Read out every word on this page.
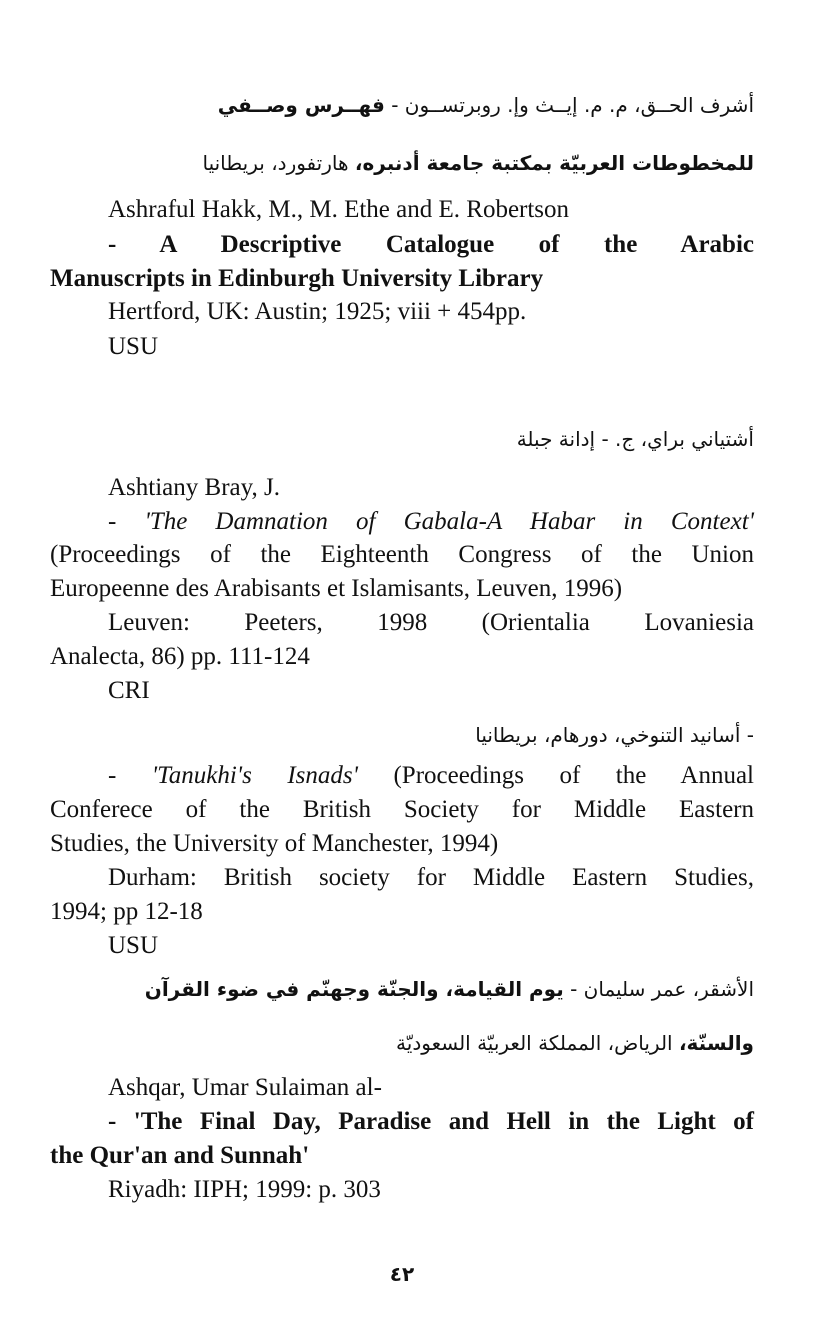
أشرف الحــق، م. م. إيــث وإ. روبرتســون - فهــرس وصــفي
للمخطوطات العربيّة بمكتبة جامعة أدنبره، هارتفورد، بريطانيا
Ashraful Hakk, M., M. Ethe and E. Robertson
- A Descriptive Catalogue of the Arabic
Manuscripts in Edinburgh University Library
Hertford, UK: Austin; 1925; viii + 454pp.
USU
أشتياني براي، ج. - إدانة جبلة
Ashtiany Bray, J.
- 'The Damnation of Gabala-A Habar in Context'
(Proceedings of the Eighteenth Congress of the Union
Europeenne des Arabisants et Islamisants, Leuven, 1996)
Leuven: Peeters, 1998 (Orientalia Lovaniesia
Analecta, 86) pp. 111-124
CRI
- أسانيد التنوخي، دورهام، بريطانيا
- 'Tanukhi's Isnads' (Proceedings of the Annual
Conferece of the British Society for Middle Eastern
Studies, the University of Manchester, 1994)
Durham: British society for Middle Eastern Studies,
1994; pp 12-18
USU
الأشقر، عمر سليمان - يوم القيامة، والجنّة وجهنّم في ضوء القرآن
والسنّة، الرياض، المملكة العربيّة السعوديّة
Ashqar, Umar Sulaiman al-
- 'The Final Day, Paradise and Hell in the Light of
the Qur'an and Sunnah'
Riyadh: IIPH; 1999: p. 303
٤٢
